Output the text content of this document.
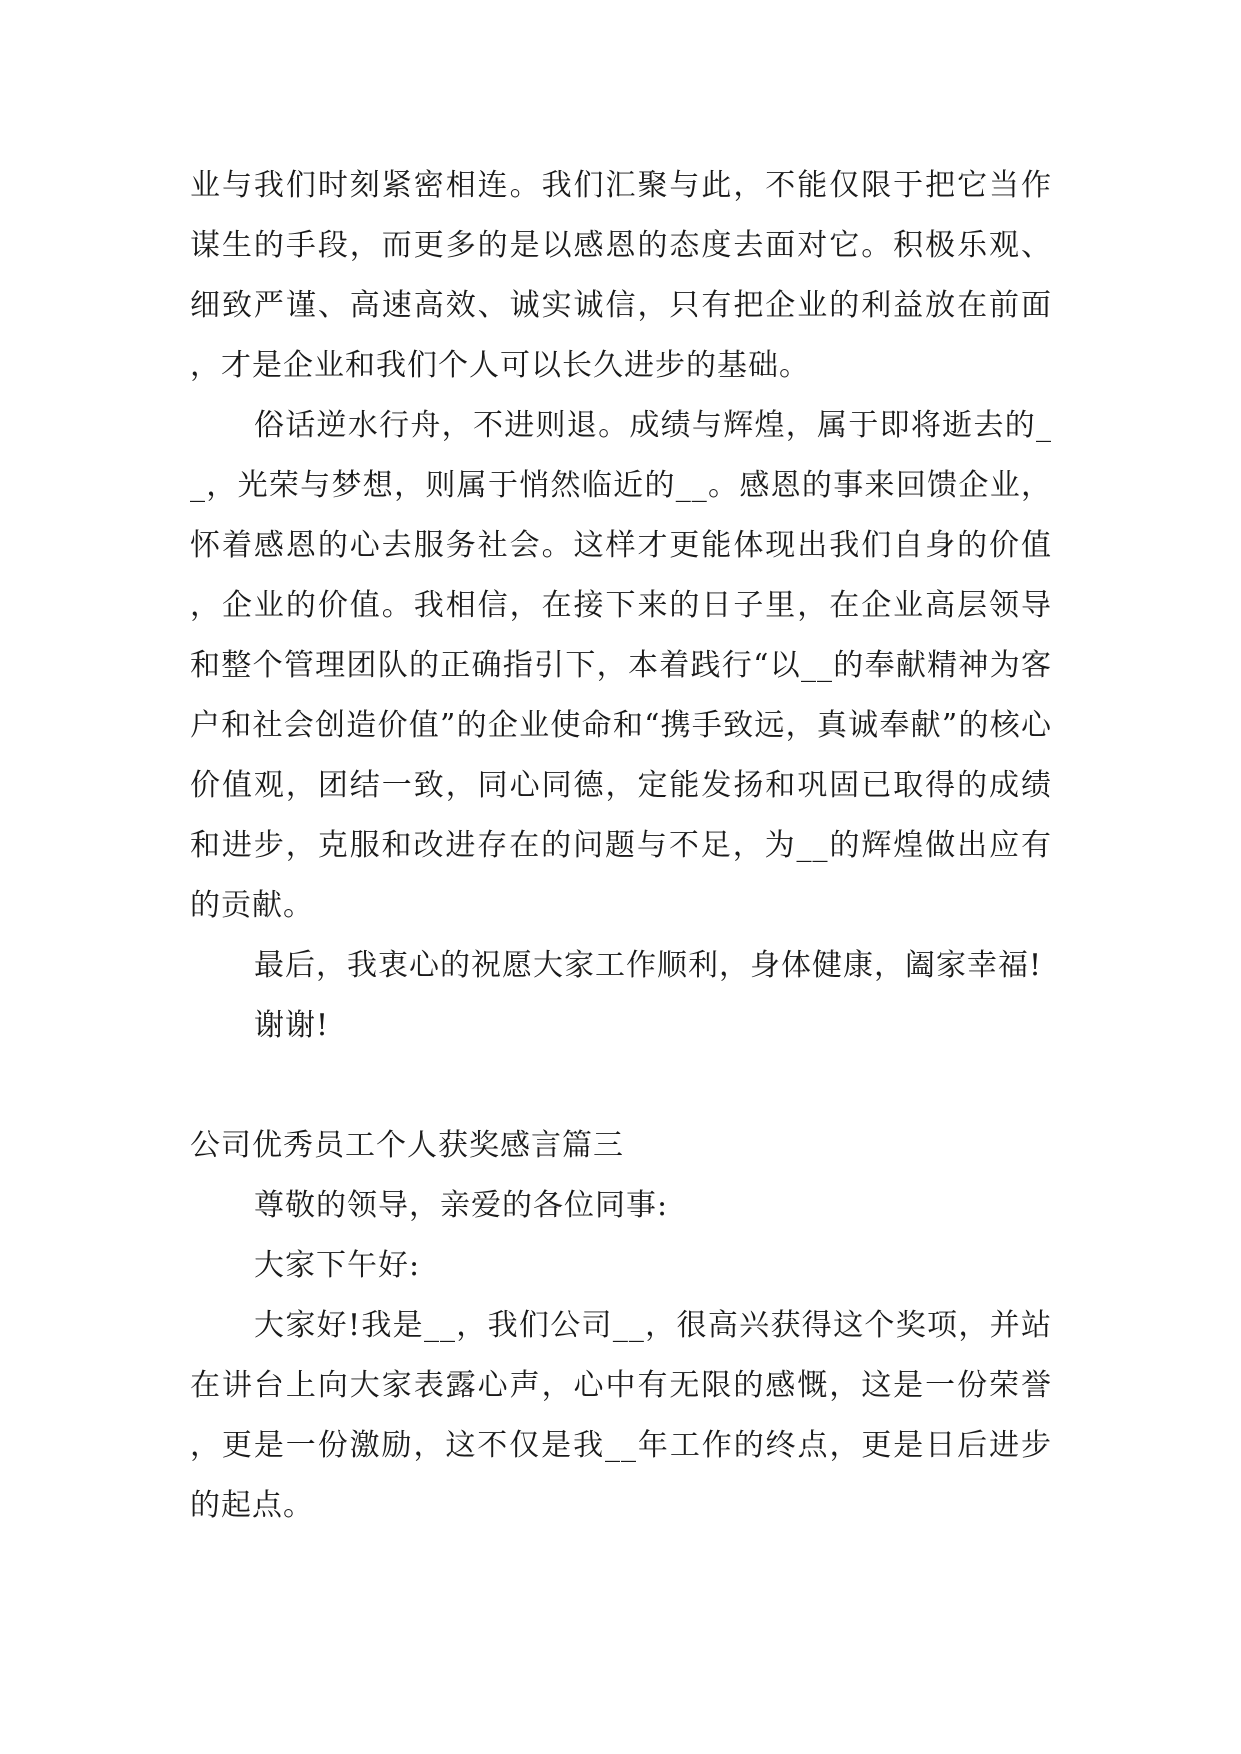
业与我们时刻紧密相连。我们汇聚与此，不能仅限于把它当作谋生的手段，而更多的是以感恩的态度去面对它。积极乐观、细致严谨、高速高效、诚实诚信，只有把企业的利益放在前面，才是企业和我们个人可以长久进步的基础。

俗话逆水行舟，不进则退。成绩与辉煌，属于即将逝去的__，光荣与梦想，则属于悄然临近的__。感恩的事来回馈企业，怀着感恩的心去服务社会。这样才更能体现出我们自身的价值，企业的价值。我相信，在接下来的日子里，在企业高层领导和整个管理团队的正确指引下，本着践行“以__的奉献精神为客户和社会创造价值”的企业使命和“携手致远，真诚奉献”的核心价值观，团结一致，同心同德，定能发扬和巩固已取得的成绩和进步，克服和改进存在的问题与不足，为__的辉煌做出应有的贡献。

最后，我衷心的祝愿大家工作顺利，身体健康，阖家幸福!

谢谢!

公司优秀员工个人获奖感言篇三

尊敬的领导，亲爱的各位同事:

大家下午好:

大家好!我是__，我们公司__，很高兴获得这个奖项，并站在讲台上向大家表露心声，心中有无限的感慨，这是一份荣誉，更是一份激励，这不仅是我__年工作的终点，更是日后进步的起点。
